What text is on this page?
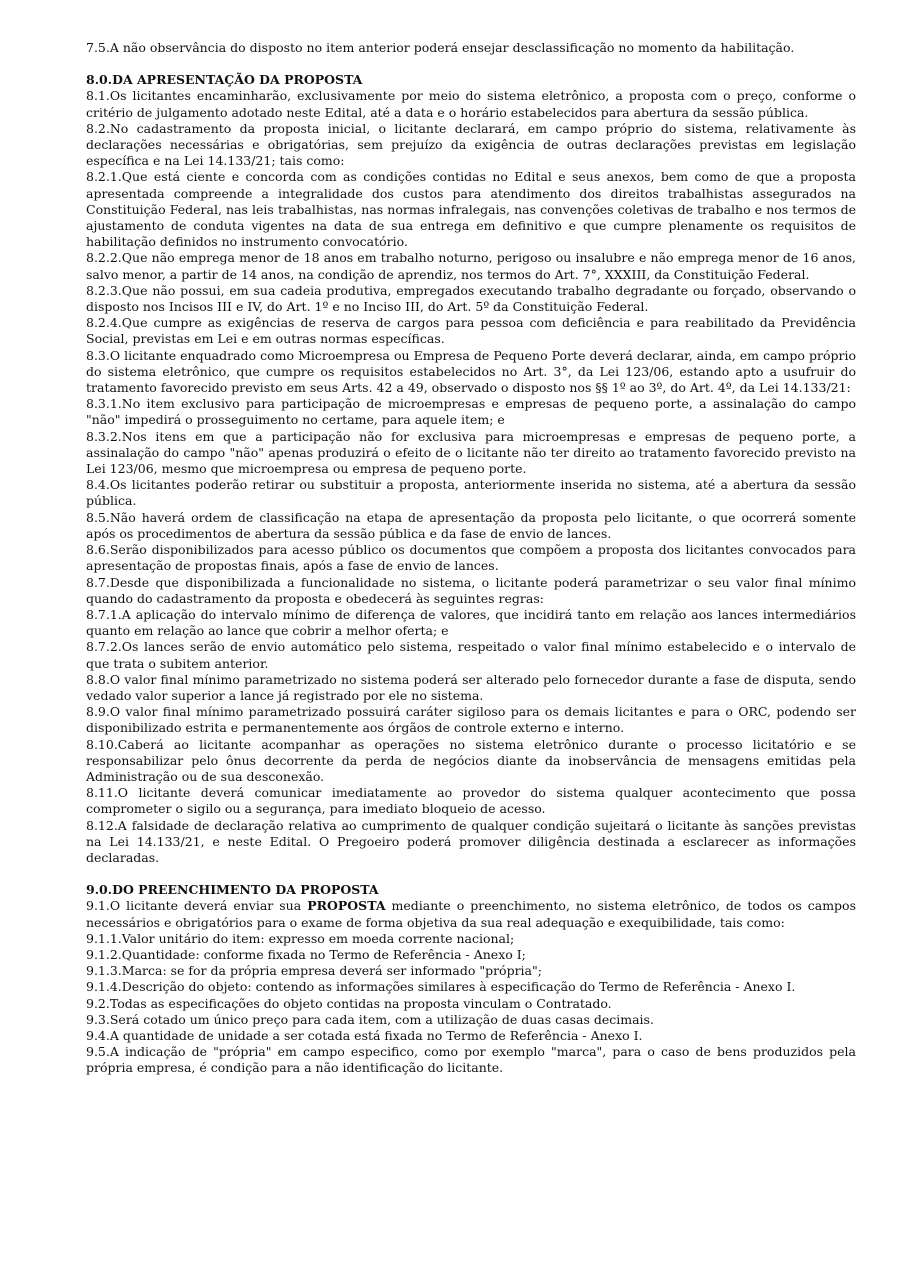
7.5.A não observância do disposto no item anterior poderá ensejar desclassificação no momento da habilitação.

8.0.DA APRESENTAÇÃO DA PROPOSTA

8.1.Os licitantes encaminharão, exclusivamente por meio do sistema eletrônico, a proposta com o preço, conforme o critério de julgamento adotado neste Edital, até a data e o horário estabelecidos para abertura da sessão pública.

8.2.No cadastramento da proposta inicial, o licitante declarará, em campo próprio do sistema, relativamente às declarações necessárias e obrigatórias, sem prejuízo da exigência de outras declarações previstas em legislação específica e na Lei 14.133/21; tais como:

8.2.1.Que está ciente e concorda com as condições contidas no Edital e seus anexos, bem como de que a proposta apresentada compreende a integralidade dos custos para atendimento dos direitos trabalhistas assegurados na Constituição Federal, nas leis trabalhistas, nas normas infralegais, nas convenções coletivas de trabalho e nos termos de ajustamento de conduta vigentes na data de sua entrega em definitivo e que cumpre plenamente os requisitos de habilitação definidos no instrumento convocatório.

8.2.2.Que não emprega menor de 18 anos em trabalho noturno, perigoso ou insalubre e não emprega menor de 16 anos, salvo menor, a partir de 14 anos, na condição de aprendiz, nos termos do Art. 7°, XXXIII, da Constituição Federal.

8.2.3.Que não possui, em sua cadeia produtiva, empregados executando trabalho degradante ou forçado, observando o disposto nos Incisos III e IV, do Art. 1º e no Inciso III, do Art. 5º da Constituição Federal.

8.2.4.Que cumpre as exigências de reserva de cargos para pessoa com deficiência e para reabilitado da Previdência Social, previstas em Lei e em outras normas específicas.

8.3.O licitante enquadrado como Microempresa ou Empresa de Pequeno Porte deverá declarar, ainda, em campo próprio do sistema eletrônico, que cumpre os requisitos estabelecidos no Art. 3°, da Lei 123/06, estando apto a usufruir do tratamento favorecido previsto em seus Arts. 42 a 49, observado o disposto nos §§ 1º ao 3º, do Art. 4º, da Lei 14.133/21:

8.3.1.No item exclusivo para participação de microempresas e empresas de pequeno porte, a assinalação do campo "não" impedirá o prosseguimento no certame, para aquele item; e

8.3.2.Nos itens em que a participação não for exclusiva para microempresas e empresas de pequeno porte, a assinalação do campo "não" apenas produzirá o efeito de o licitante não ter direito ao tratamento favorecido previsto na Lei 123/06, mesmo que microempresa ou empresa de pequeno porte.

8.4.Os licitantes poderão retirar ou substituir a proposta, anteriormente inserida no sistema, até a abertura da sessão pública.

8.5.Não haverá ordem de classificação na etapa de apresentação da proposta pelo licitante, o que ocorrerá somente após os procedimentos de abertura da sessão pública e da fase de envio de lances.

8.6.Serão disponibilizados para acesso público os documentos que compõem a proposta dos licitantes convocados para apresentação de propostas finais, após a fase de envio de lances.

8.7.Desde que disponibilizada a funcionalidade no sistema, o licitante poderá parametrizar o seu valor final mínimo quando do cadastramento da proposta e obedecerá às seguintes regras:

8.7.1.A aplicação do intervalo mínimo de diferença de valores, que incidirá tanto em relação aos lances intermediários quanto em relação ao lance que cobrir a melhor oferta; e

8.7.2.Os lances serão de envio automático pelo sistema, respeitado o valor final mínimo estabelecido e o intervalo de que trata o subitem anterior.

8.8.O valor final mínimo parametrizado no sistema poderá ser alterado pelo fornecedor durante a fase de disputa, sendo vedado valor superior a lance já registrado por ele no sistema.

8.9.O valor final mínimo parametrizado possuirá caráter sigiloso para os demais licitantes e para o ORC, podendo ser disponibilizado estrita e permanentemente aos órgãos de controle externo e interno.

8.10.Caberá ao licitante acompanhar as operações no sistema eletrônico durante o processo licitatório e se responsabilizar pelo ônus decorrente da perda de negócios diante da inobservância de mensagens emitidas pela Administração ou de sua desconexão.

8.11.O licitante deverá comunicar imediatamente ao provedor do sistema qualquer acontecimento que possa comprometer o sigilo ou a segurança, para imediato bloqueio de acesso.

8.12.A falsidade de declaração relativa ao cumprimento de qualquer condição sujeitará o licitante às sanções previstas na Lei 14.133/21, e neste Edital. O Pregoeiro poderá promover diligência destinada a esclarecer as informações declaradas.

9.0.DO PREENCHIMENTO DA PROPOSTA

9.1.O licitante deverá enviar sua PROPOSTA mediante o preenchimento, no sistema eletrônico, de todos os campos necessários e obrigatórios para o exame de forma objetiva da sua real adequação e exequibilidade, tais como:

9.1.1.Valor unitário do item: expresso em moeda corrente nacional;

9.1.2.Quantidade: conforme fixada no Termo de Referência - Anexo I;

9.1.3.Marca: se for da própria empresa deverá ser informado "própria";

9.1.4.Descrição do objeto: contendo as informações similares à especificação do Termo de Referência - Anexo I.

9.2.Todas as especificações do objeto contidas na proposta vinculam o Contratado.

9.3.Será cotado um único preço para cada item, com a utilização de duas casas decimais.

9.4.A quantidade de unidade a ser cotada está fixada no Termo de Referência - Anexo I.

9.5.A indicação de "própria" em campo especifico, como por exemplo "marca", para o caso de bens produzidos pela própria empresa, é condição para a não identificação do licitante.
